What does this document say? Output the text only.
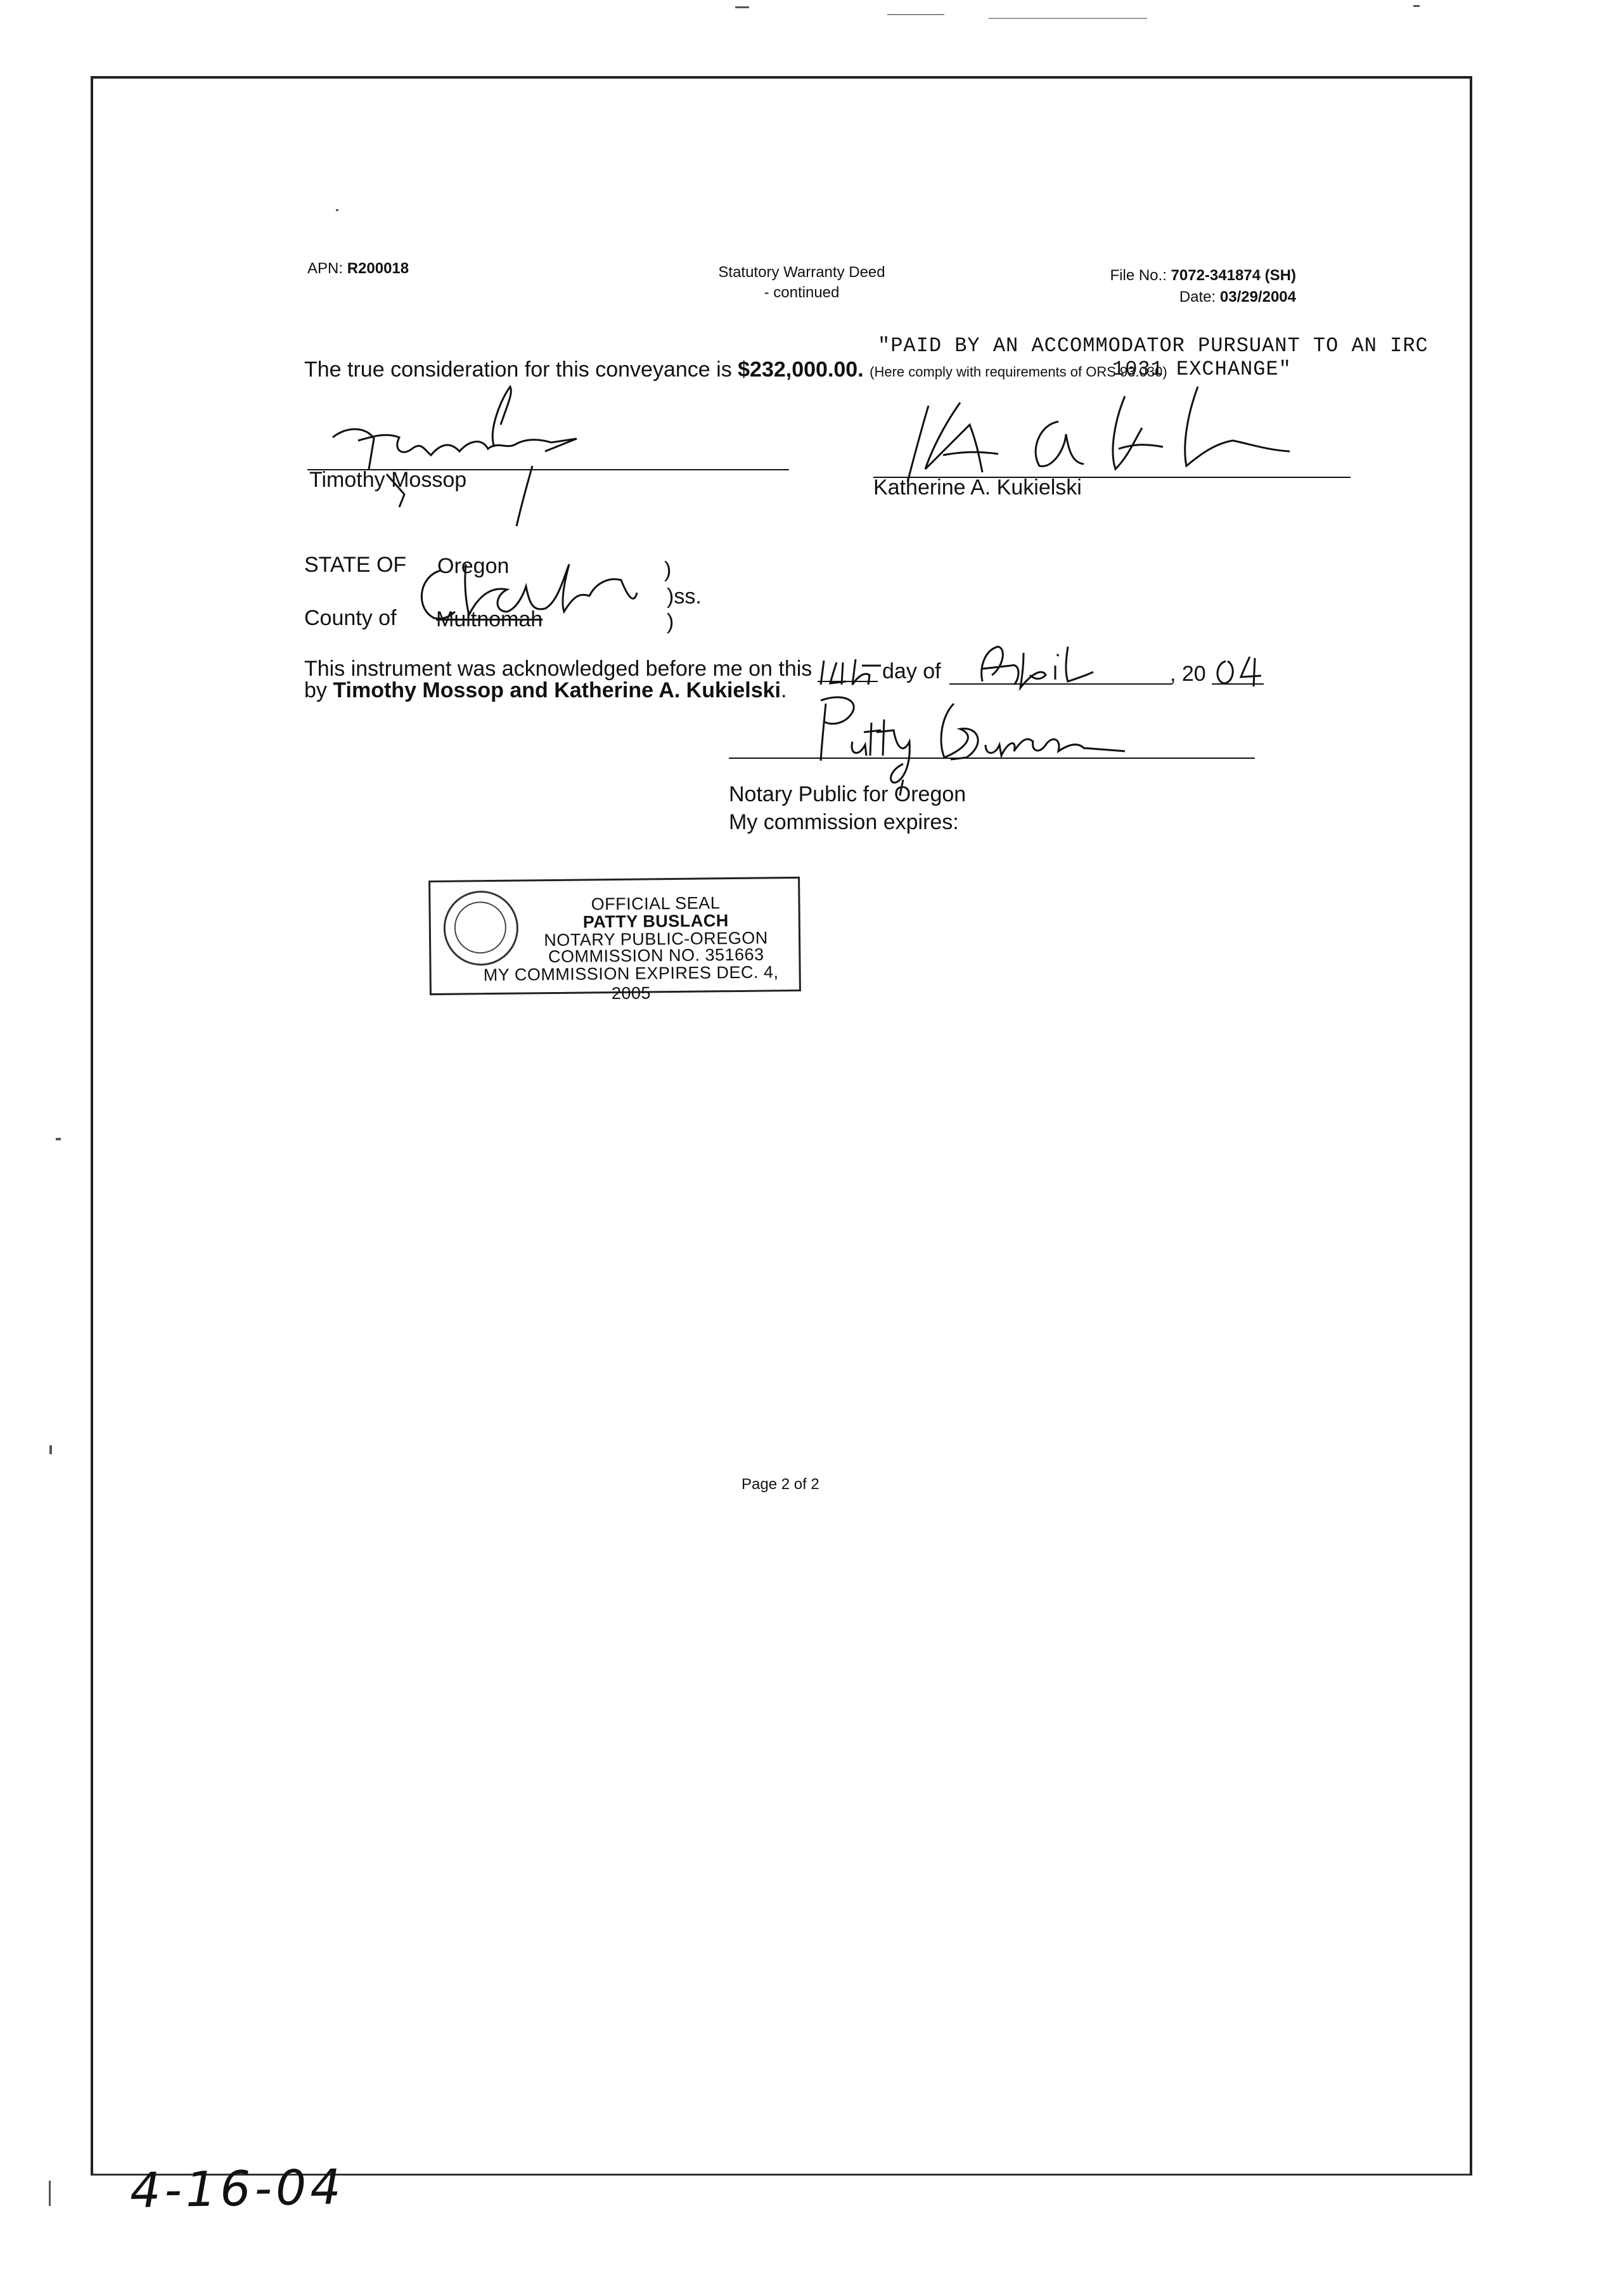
APN: R200018	Statutory Warranty Deed
- continued
File No.: 7072-341874 (SH)
Date: 03/29/2004
"PAID BY AN ACCOMMODATOR PURSUANT TO AN IRC
1031 EXCHANGE"
The true consideration for this conveyance is $232,000.00. (Here comply with requirements of ORS 93.030)
Timothy Mossop	Katherine A. Kukielski
STATE OF Oregon	)
County of Multnomah
)ss.
)
This instrument was acknowledged before me on this	day of	, 20
by Timothy Mossop and Katherine A. Kukielski.
Notary Public for Oregon
My commission expires:
OFFICIAL SEAL
PATTY BUSLACH
NOTARY PUBLIC-OREGON
COMMISSION NO. 351663
MY COMMISSION EXPIRES DEC. 4, 2005
Page 2 of 2
4-16-04
